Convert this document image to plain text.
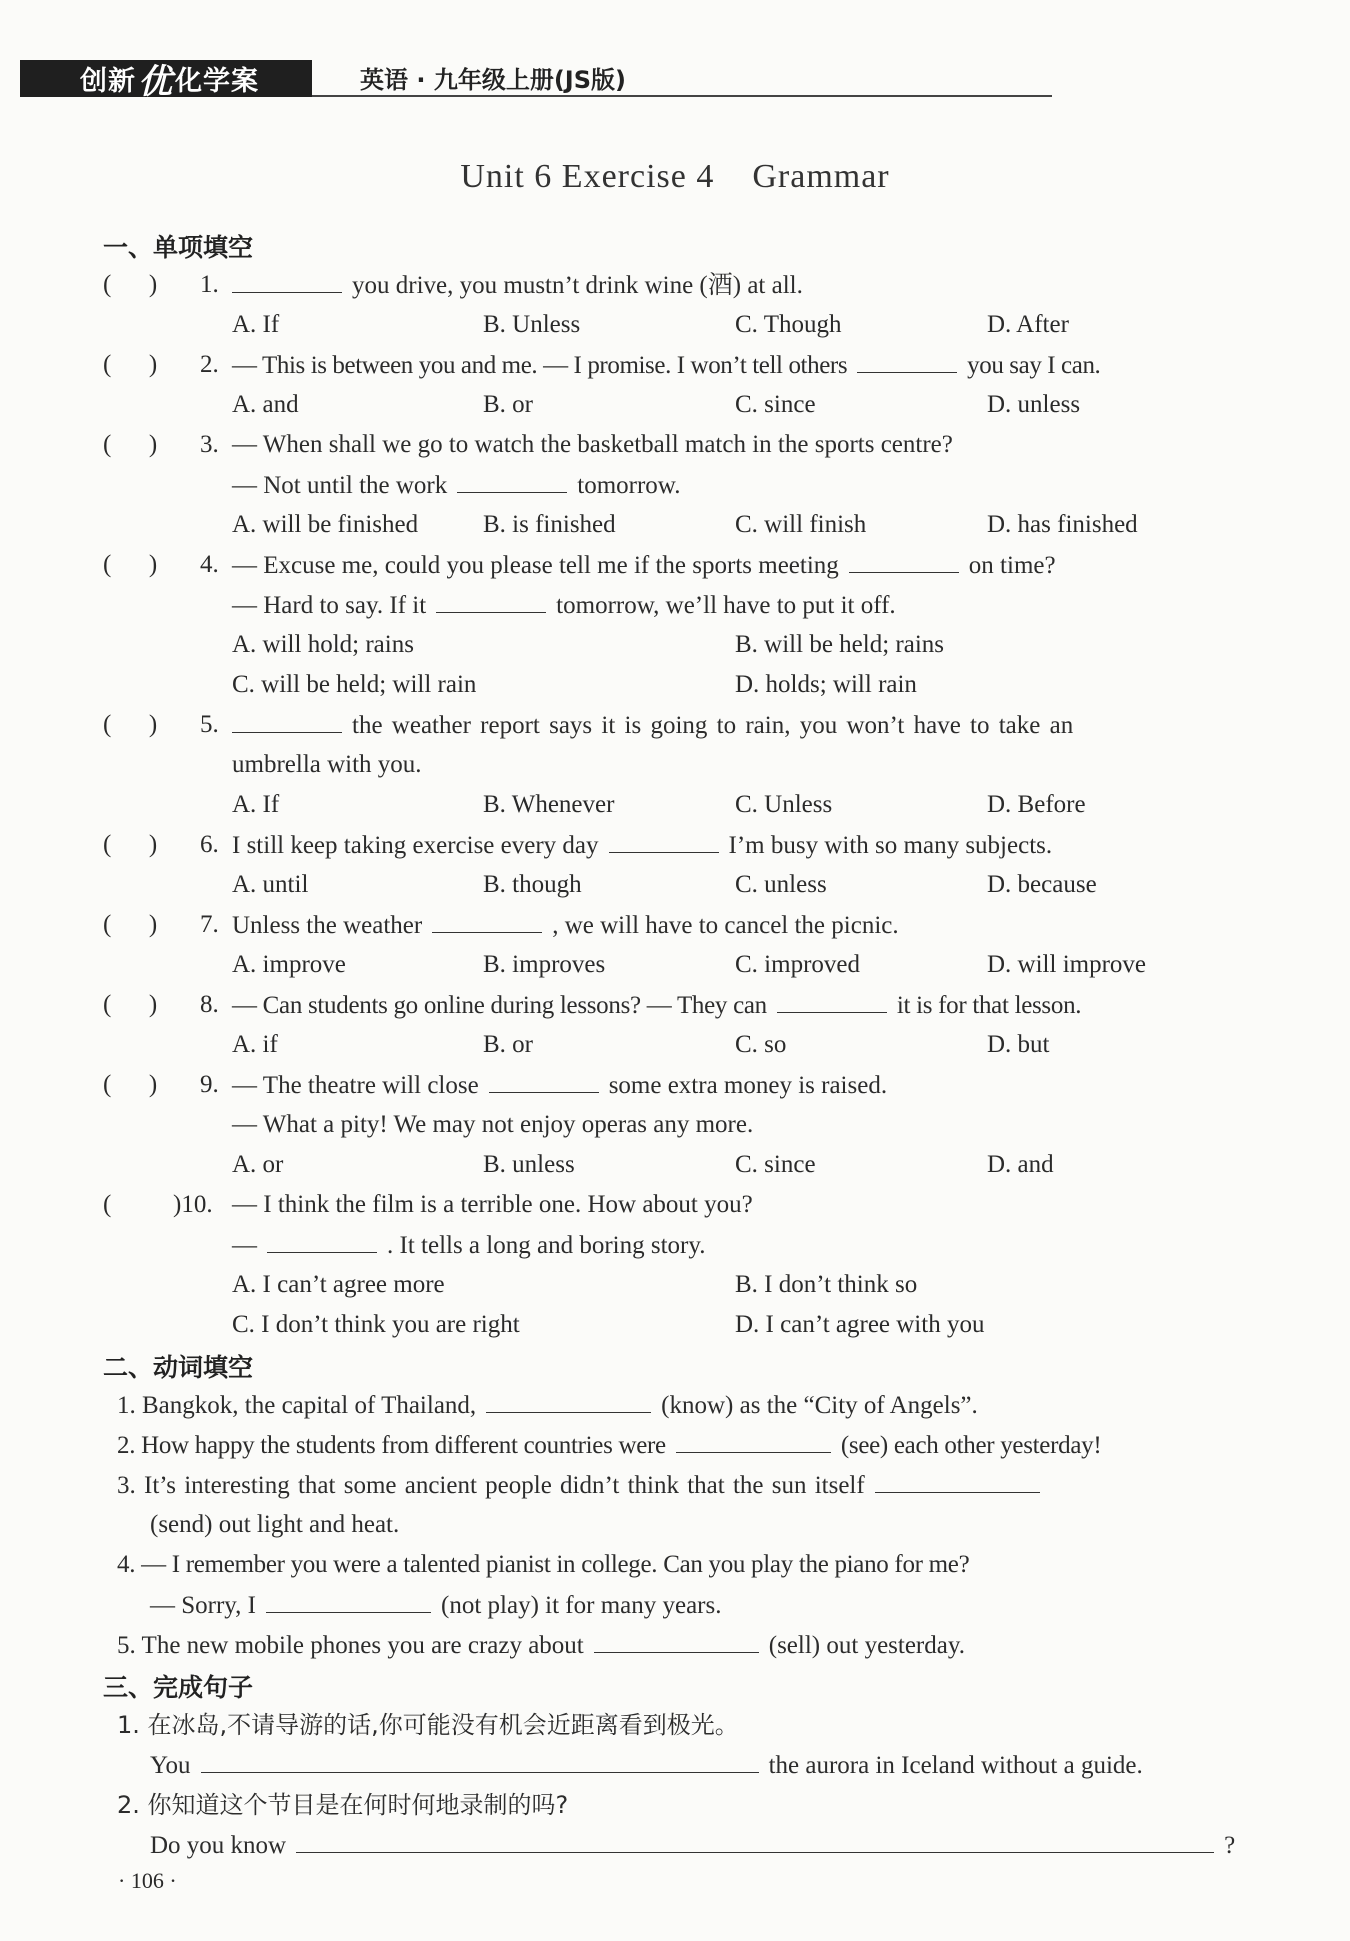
创新 优 化学案	英语 · 九年级上册(JS版)
Unit 6 Exercise 4    Grammar
一、单项填空
(      ) 1.	you drive, you mustn’t drink wine (酒) at all.
A. If	B. Unless	C. Though	D. After
(      ) 2. — This is between you and me. — I promise. I won’t tell others	you say I can.
A. and	B. or	C. since	D. unless
(      ) 3. — When shall we go to watch the basketball match in the sports centre?
— Not until the work	tomorrow.
A. will be finished	B. is finished	C. will finish	D. has finished
(      ) 4. — Excuse me, could you please tell me if the sports meeting	on time?
— Hard to say. If it	tomorrow, we’ll have to put it off.
A. will hold; rains	B. will be held; rains
C. will be held; will rain	D. holds; will rain
(      ) 5.	the weather report says it is going to rain, you won’t have to take an
umbrella with you.
A. If	B. Whenever	C. Unless	D. Before
(      ) 6. I still keep taking exercise every day	I’m busy with so many subjects.
A. until	B. though	C. unless	D. because
(      ) 7. Unless the weather	, we will have to cancel the picnic.
A. improve	B. improves	C. improved	D. will improve
(      ) 8. — Can students go online during lessons? — They can	it is for that lesson.
A. if	B. or	C. so	D. but
(      ) 9. — The theatre will close	some extra money is raised.
— What a pity! We may not enjoy operas any more.
A. or	B. unless	C. since	D. and
( )10. — I think the film is a terrible one. How about you?
—	. It tells a long and boring story.
A. I can’t agree more	B. I don’t think so
C. I don’t think you are right	D. I can’t agree with you
二、动词填空
1. Bangkok, the capital of Thailand,	(know) as the “City of Angels”.
2. How happy the students from different countries were	(see) each other yesterday!
3. It’s interesting that some ancient people didn’t think that the sun itself
(send) out light and heat.
4. — I remember you were a talented pianist in college. Can you play the piano for me?
— Sorry, I	(not play) it for many years.
5. The new mobile phones you are crazy about	(sell) out yesterday.
三、完成句子
1. 在冰岛,不请导游的话,你可能没有机会近距离看到极光。
You	the aurora in Iceland without a guide.
2. 你知道这个节目是在何时何地录制的吗?
Do you know	?
· 106 ·
